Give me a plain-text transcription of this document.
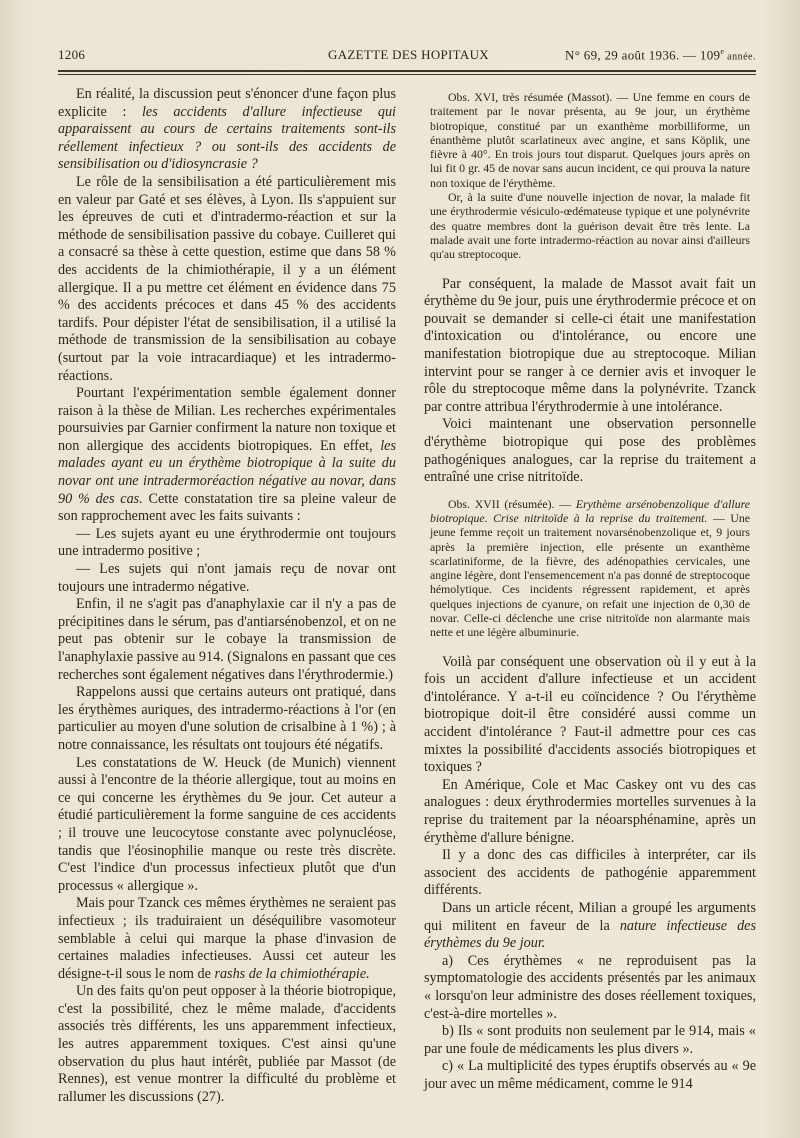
1206	GAZETTE DES HOPITAUX	N° 69, 29 août 1936. — 109e année.

En réalité, la discussion peut s'énoncer d'une façon plus explicite : les accidents d'allure infectieuse qui apparaissent au cours de certains traitements sont-ils réellement infectieux ? ou sont-ils des accidents de sensibilisation ou d'idiosyncrasie ?

Le rôle de la sensibilisation a été particulièrement mis en valeur par Gaté et ses élèves, à Lyon. Ils s'appuient sur les épreuves de cuti et d'intradermo-réaction et sur la méthode de sensibilisation passive du cobaye. Cuilleret qui a consacré sa thèse à cette question, estime que dans 58 % des accidents de la chimiothérapie, il y a un élément allergique. Il a pu mettre cet élément en évidence dans 75 % des accidents précoces et dans 45 % des accidents tardifs. Pour dépister l'état de sensibilisation, il a utilisé la méthode de transmission de la sensibilisation au cobaye (surtout par la voie intracardiaque) et les intradermo-réactions.

Pourtant l'expérimentation semble également donner raison à la thèse de Milian. Les recherches expérimentales poursuivies par Garnier confirment la nature non toxique et non allergique des accidents biotropiques. En effet, les malades ayant eu un érythème biotropique à la suite du novar ont une intradermoréaction négative au novar, dans 90 % des cas. Cette constatation tire sa pleine valeur de son rapprochement avec les faits suivants :

— Les sujets ayant eu une érythrodermie ont toujours une intradermo positive ;

— Les sujets qui n'ont jamais reçu de novar ont toujours une intradermo négative.

Enfin, il ne s'agit pas d'anaphylaxie car il n'y a pas de précipitines dans le sérum, pas d'antiarsénobenzol, et on ne peut pas obtenir sur le cobaye la transmission de l'anaphylaxie passive au 914. (Signalons en passant que ces recherches sont également négatives dans l'érythrodermie.)

Rappelons aussi que certains auteurs ont pratiqué, dans les érythèmes auriques, des intradermo-réactions à l'or (en particulier au moyen d'une solution de crisalbine à 1 %) ; à notre connaissance, les résultats ont toujours été négatifs.

Les constatations de W. Heuck (de Munich) viennent aussi à l'encontre de la théorie allergique, tout au moins en ce qui concerne les érythèmes du 9e jour. Cet auteur a étudié particulièrement la forme sanguine de ces accidents ; il trouve une leucocytose constante avec polynucléose, tandis que l'éosinophilie manque ou reste très discrète. C'est l'indice d'un processus infectieux plutôt que d'un processus « allergique ».

Mais pour Tzanck ces mêmes érythèmes ne seraient pas infectieux ; ils traduiraient un déséquilibre vasomoteur semblable à celui qui marque la phase d'invasion de certaines maladies infectieuses. Aussi cet auteur les désigne-t-il sous le nom de rashs de la chimiothérapie.

Un des faits qu'on peut opposer à la théorie biotropique, c'est la possibilité, chez le même malade, d'accidents associés très différents, les uns apparemment infectieux, les autres apparemment toxiques. C'est ainsi qu'une observation du plus haut intérêt, publiée par Massot (de Rennes), est venue montrer la difficulté du problème et rallumer les discussions (27).

Obs. XVI, très résumée (Massot). — Une femme en cours de traitement par le novar présenta, au 9e jour, un érythème biotropique, constitué par un exanthème morbilliforme, un énanthème plutôt scarlatineux avec angine, et sans Köplik, une fièvre à 40°. En trois jours tout disparut. Quelques jours après on lui fit 0 gr. 45 de novar sans aucun incident, ce qui prouva la nature non toxique de l'érythème.

Or, à la suite d'une nouvelle injection de novar, la malade fit une érythrodermie vésiculo-œdémateuse typique et une polynévrite des quatre membres dont la guérison devait être très lente. La malade avait une forte intradermo-réaction au novar ainsi d'ailleurs qu'au streptocoque.

Par conséquent, la malade de Massot avait fait un érythème du 9e jour, puis une érythrodermie précoce et on pouvait se demander si celle-ci était une manifestation d'intoxication ou d'intolérance, ou encore une manifestation biotropique due au streptocoque. Milian intervint pour se ranger à ce dernier avis et invoquer le rôle du streptocoque même dans la polynévrite. Tzanck par contre attribua l'érythrodermie à une intolérance.

Voici maintenant une observation personnelle d'érythème biotropique qui pose des problèmes pathogéniques analogues, car la reprise du traitement a entraîné une crise nitritoïde.

Obs. XVII (résumée). — Erythème arsénobenzolique d'allure biotropique. Crise nitritoïde à la reprise du traitement. — Une jeune femme reçoit un traitement novarsénobenzolique et, 9 jours après la première injection, elle présente un exanthème scarlatiniforme, de la fièvre, des adénopathies cervicales, une angine légère, dont l'ensemencement n'a pas donné de streptocoque hémolytique. Ces incidents régressent rapidement, et après quelques injections de cyanure, on refait une injection de 0,30 de novar. Celle-ci déclenche une crise nitritoïde non alarmante mais nette et une légère albuminurie.

Voilà par conséquent une observation où il y eut à la fois un accident d'allure infectieuse et un accident d'intolérance. Y a-t-il eu coïncidence ? Ou l'érythème biotropique doit-il être considéré aussi comme un accident d'intolérance ? Faut-il admettre pour ces cas mixtes la possibilité d'accidents associés biotropiques et toxiques ?

En Amérique, Cole et Mac Caskey ont vu des cas analogues : deux érythrodermies mortelles survenues à la reprise du traitement par la néoarsphénamine, après un érythème d'allure bénigne.

Il y a donc des cas difficiles à interpréter, car ils associent des accidents de pathogénie apparemment différents.

Dans un article récent, Milian a groupé les arguments qui militent en faveur de la nature infectieuse des érythèmes du 9e jour.

a) Ces érythèmes « ne reproduisent pas la symptomatologie des accidents présentés par les animaux « lorsqu'on leur administre des doses réellement toxiques, c'est-à-dire mortelles ».

b) Ils « sont produits non seulement par le 914, mais « par une foule de médicaments les plus divers ».

c) « La multiplicité des types éruptifs observés au « 9e jour avec un même médicament, comme le 914
